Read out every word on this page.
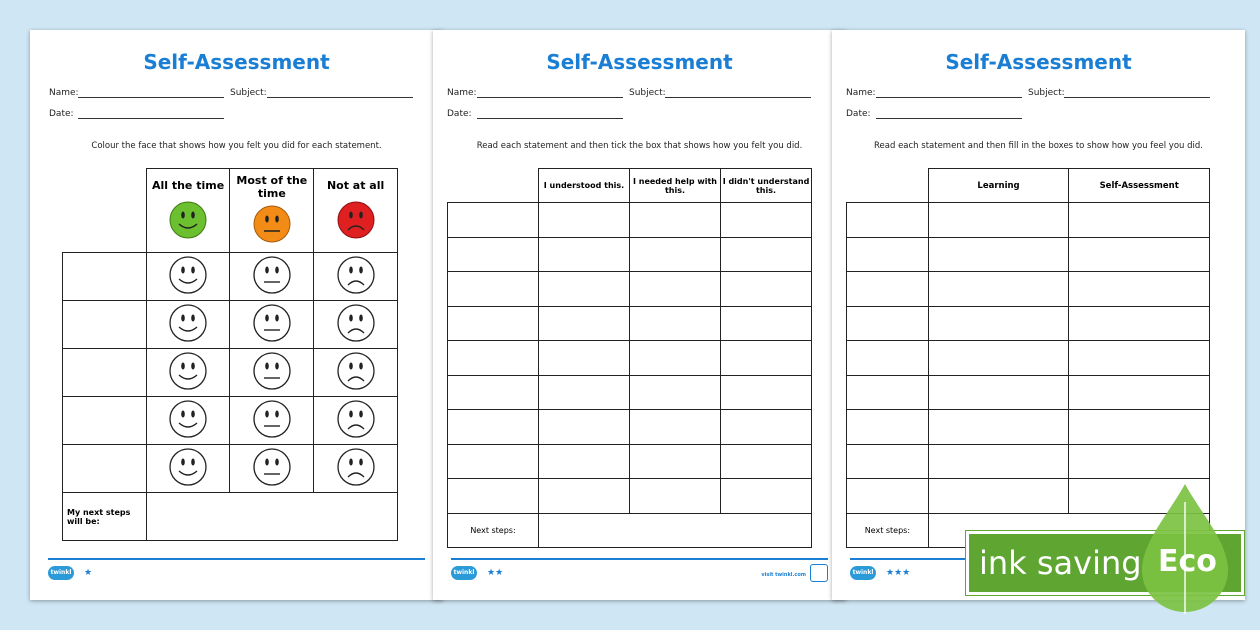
Self-Assessment
Name:	Subject:
Date:
Colour the face that shows how you felt you did for each statement.

	All the time	Most of the time	Not at all

My next steps will be:			
twinkl ★
Self-Assessment
Name:	Subject:
Date:
Read each statement and then tick the box that shows how you felt you did.
	I understood this.	I needed help with this.	I didn't understand this.

Next steps:			
twinkl ★★	visit twinkl.com
Self-Assessment
Name:	Subject:
Date:
Read each statement and then fill in the boxes to show how you feel you did.
	Learning	Self-Assessment

Next steps:		
twinkl ★★★ ink saving Eco
